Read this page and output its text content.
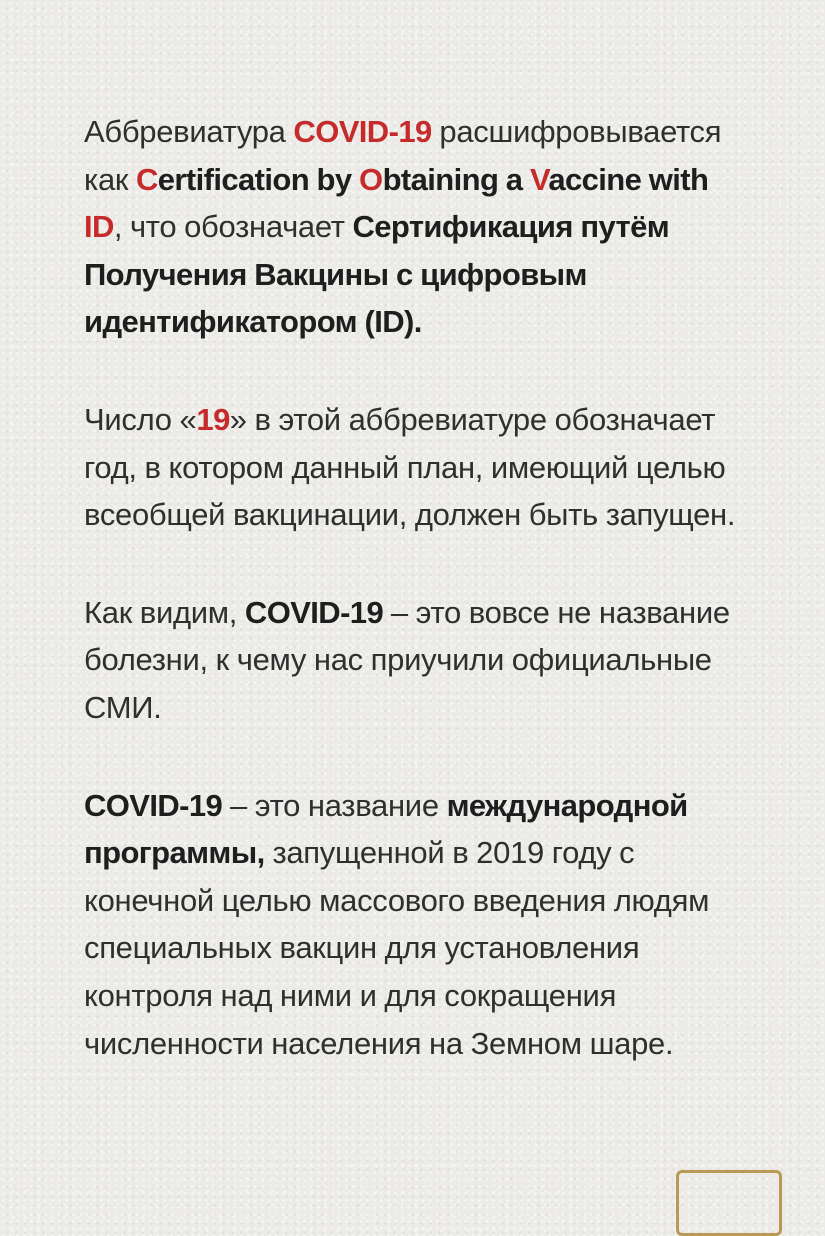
Аббревиатура COVID-19 расшифровывается как Certification by Obtaining a Vaccine with ID, что обозначает Сертификация путём Получения Вакцины с цифровым идентификатором (ID).

Число «19» в этой аббревиатуре обозначает год, в котором данный план, имеющий целью всеобщей вакцинации, должен быть запущен.

Как видим, COVID-19 – это вовсе не название болезни, к чему нас приучили официальные СМИ.

COVID-19 – это название международной программы, запущенной в 2019 году с конечной целью массового введения людям специальных вакцин для установления контроля над ними и для сокращения численности населения на Земном шаре.
